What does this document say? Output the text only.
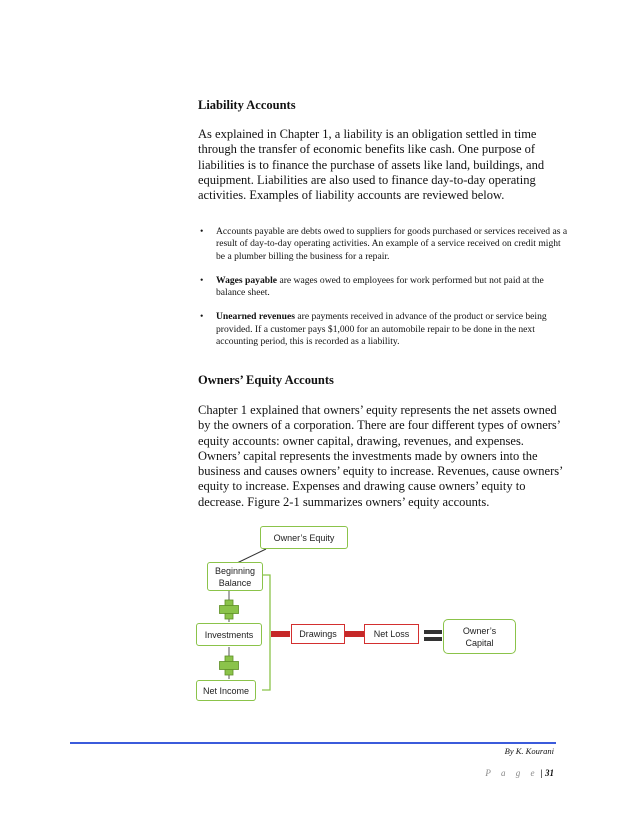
Liability Accounts

As explained in Chapter 1, a liability is an obligation settled in time through the transfer of economic benefits like cash. One purpose of liabilities is to finance the purchase of assets like land, buildings, and equipment. Liabilities are also used to finance day-to-day operating activities. Examples of liability accounts are reviewed below.

• Accounts payable are debts owed to suppliers for goods purchased or services received as a result of day-to-day operating activities. An example of a service received on credit might be a plumber billing the business for a repair.
• Wages payable are wages owed to employees for work performed but not paid at the balance sheet.
• Unearned revenues are payments received in advance of the product or service being provided. If a customer pays $1,000 for an automobile repair to be done in the next accounting period, this is recorded as a liability.
Owners’ Equity Accounts

Chapter 1 explained that owners’ equity represents the net assets owned by the owners of a corporation. There are four different types of owners’ equity accounts: owner capital, drawing, revenues, and expenses. Owners’ capital represents the investments made by owners into the business and causes owners’ equity to increase. Revenues, cause owners’ equity to increase. Expenses and drawing cause owners’ equity to decrease. Figure 2-1 summarizes owners’ equity accounts.

Owner’s Equity
Beginning
Balance
Investments
Net Income
Drawings	Net Loss	Owner’s
Capital
By K. Kourani
P a g e | 31
